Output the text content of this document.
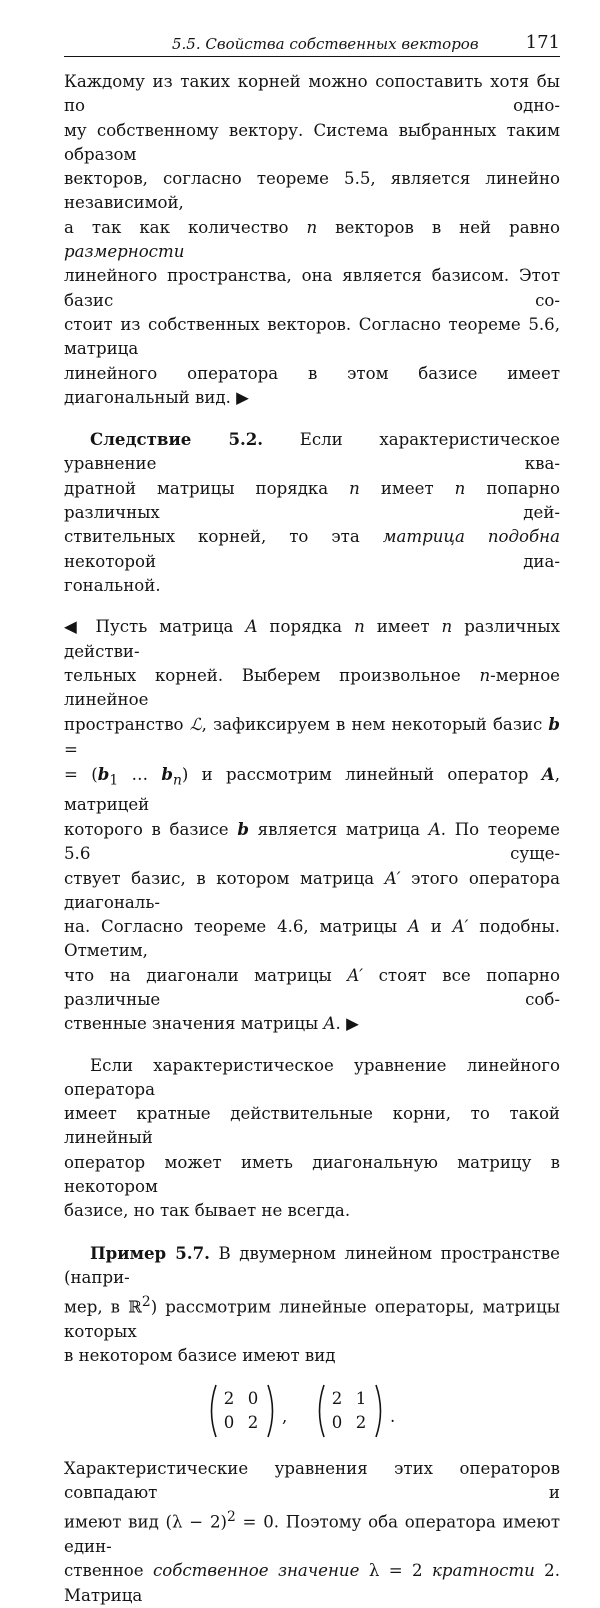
5.5. Свойства собственных векторов	171

Каждому из таких корней можно сопоставить хотя бы по одно-

му собственному вектору. Система выбранных таким образом

векторов, согласно теореме 5.5, является линейно независимой,

а так как количество n векторов в ней равно размерности

линейного пространства, она является базисом. Этот базис со-

стоит из собственных векторов. Согласно теореме 5.6, матрица

линейного оператора в этом базисе имеет диагональный вид. ▶

Следствие 5.2. Если характеристическое уравнение ква-

дратной матрицы порядка n имеет n попарно различных дей-

ствительных корней, то эта матрица подобна некоторой диа-

гональной.

◀ Пусть матрица A порядка n имеет n различных действи-

тельных корней. Выберем произвольное n-мерное линейное

пространство ℒ, зафиксируем в нем некоторый базис b =

= ($b_1$ … $b_n$) и рассмотрим линейный оператор A, матрицей

которого в базисе b является матрица A. По теореме 5.6 суще-

ствует базис, в котором матрица A′ этого оператора диагональ-

на. Согласно теореме 4.6, матрицы A и A′ подобны. Отметим,

что на диагонали матрицы A′ стоят все попарно различные соб-

ственные значения матрицы A. ▶

Если характеристическое уравнение линейного оператора

имеет кратные действительные корни, то такой линейный

оператор может иметь диагональную матрицу в некотором

базисе, но так бывает не всегда.

Пример 5.7. В двумерном линейном пространстве (напри-

мер, в ℝ$^2$) рассмотрим линейные операторы, матрицы которых

в некотором базисе имеют вид

2 0
0 2 ,
2 1
0 2 .

Характеристические уравнения этих операторов совпадают и

имеют вид $(\lambda - 2)^2 = 0$. Поэтому оба оператора имеют един-

ственное собственное значение λ = 2 кратности 2. Матрица
